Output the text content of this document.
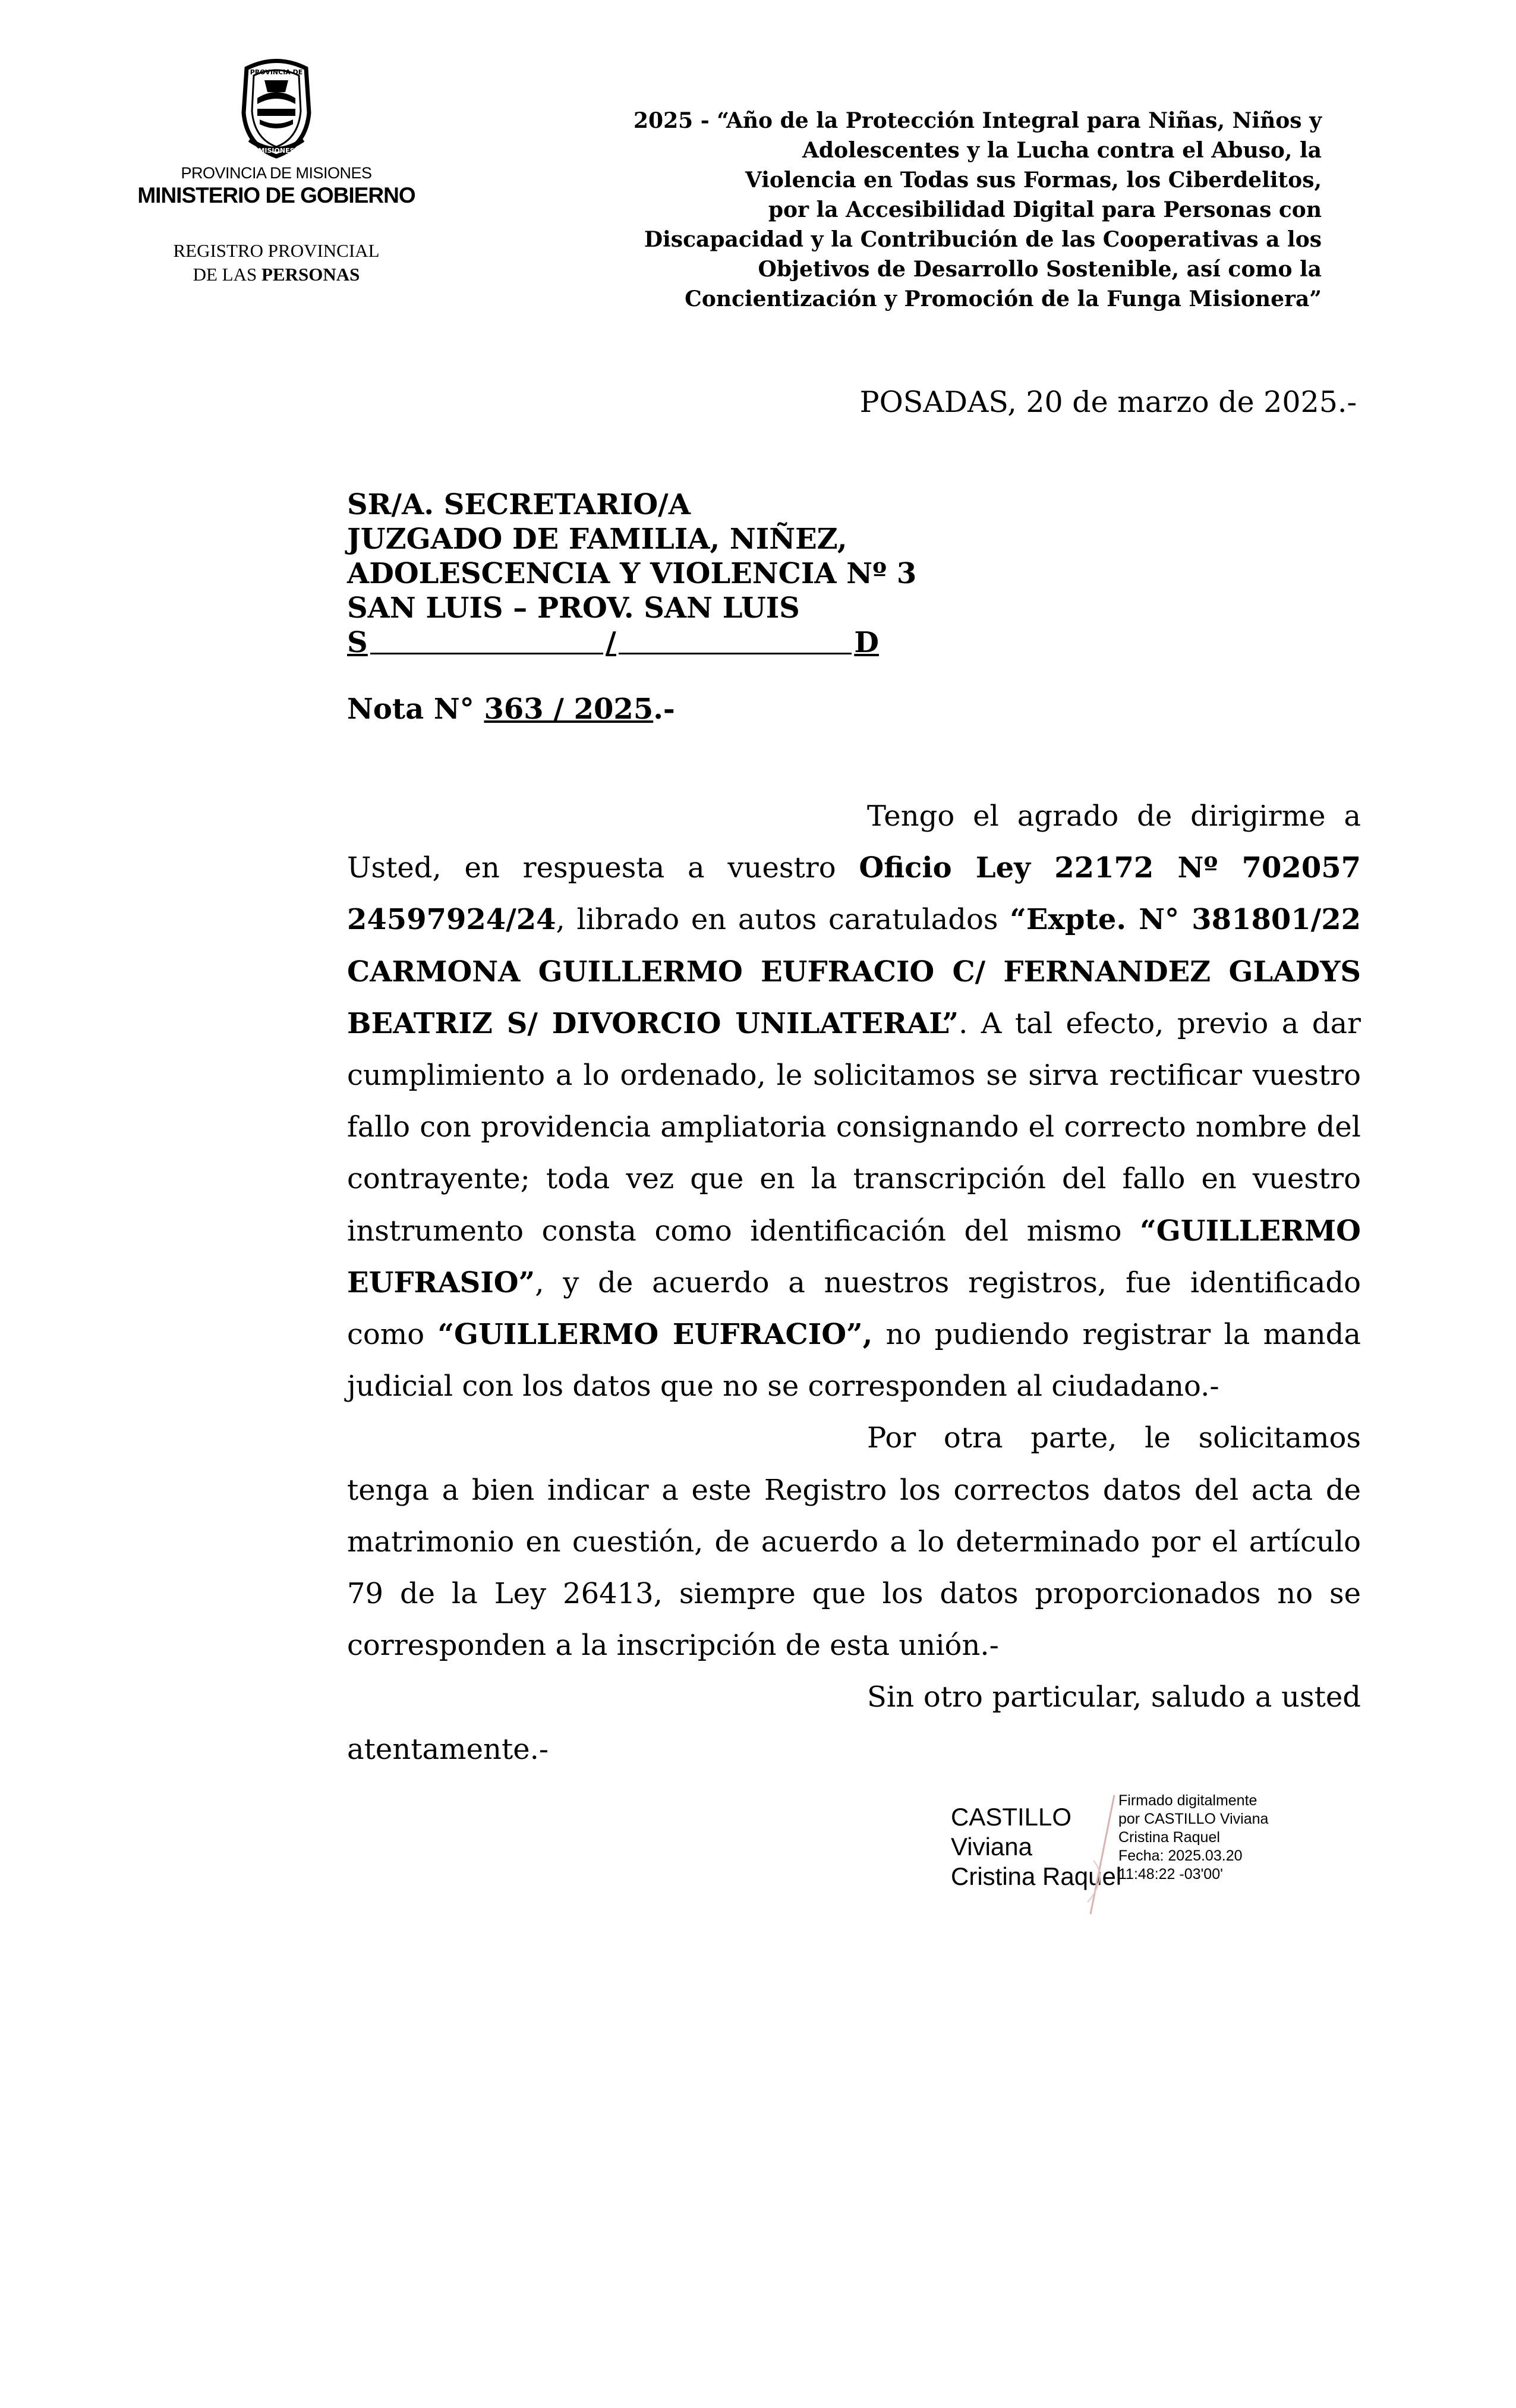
PROVINCIA DE
MISIONES
PROVINCIA DE MISIONES
MINISTERIO DE GOBIERNO
REGISTRO PROVINCIAL
DE LAS PERSONAS
2025 - “Año de la Protección Integral para Niñas, Niños y
Adolescentes y la Lucha contra el Abuso, la
Violencia en Todas sus Formas, los Ciberdelitos,
por la Accesibilidad Digital para Personas con
Discapacidad y la Contribución de las Cooperativas a los
Objetivos de Desarrollo Sostenible, así como la
Concientización y Promoción de la Funga Misionera”
POSADAS, 20 de marzo de 2025.-
SR/A. SECRETARIO/A
JUZGADO DE FAMILIA, NIÑEZ,
ADOLESCENCIA Y VIOLENCIA Nº 3
SAN LUIS – PROV. SAN LUIS
S	/	D
Nota N° 363 / 2025.-

Tengo el agrado de dirigirme a Usted, en respuesta a vuestro Oficio Ley 22172 Nº 702057 24597924/24, librado en autos caratulados “Expte. N° 381801/22 CARMONA GUILLERMO EUFRACIO C/ FERNANDEZ GLADYS BEATRIZ S/ DIVORCIO UNILATERAL”. A tal efecto, previo a dar cumplimiento a lo ordenado, le solicitamos se sirva rectificar vuestro fallo con providencia ampliatoria consignando el correcto nombre del contrayente; toda vez que en la transcripción del fallo en vuestro instrumento consta como identificación del mismo “GUILLERMO EUFRASIO”, y de acuerdo a nuestros registros, fue identificado como “GUILLERMO EUFRACIO”, no pudiendo registrar la manda judicial con los datos que no se corresponden al ciudadano.-

Por otra parte, le solicitamos tenga a bien indicar a este Registro los correctos datos del acta de matrimonio en cuestión, de acuerdo a lo determinado por el artículo 79 de la Ley 26413, siempre que los datos proporcionados no se corresponden a la inscripción de esta unión.-

Sin otro particular, saludo a usted atentamente.-

CASTILLO
Viviana
Cristina Raquel
Firmado digitalmente
por CASTILLO Viviana
Cristina Raquel
Fecha: 2025.03.20
11:48:22 -03'00'
